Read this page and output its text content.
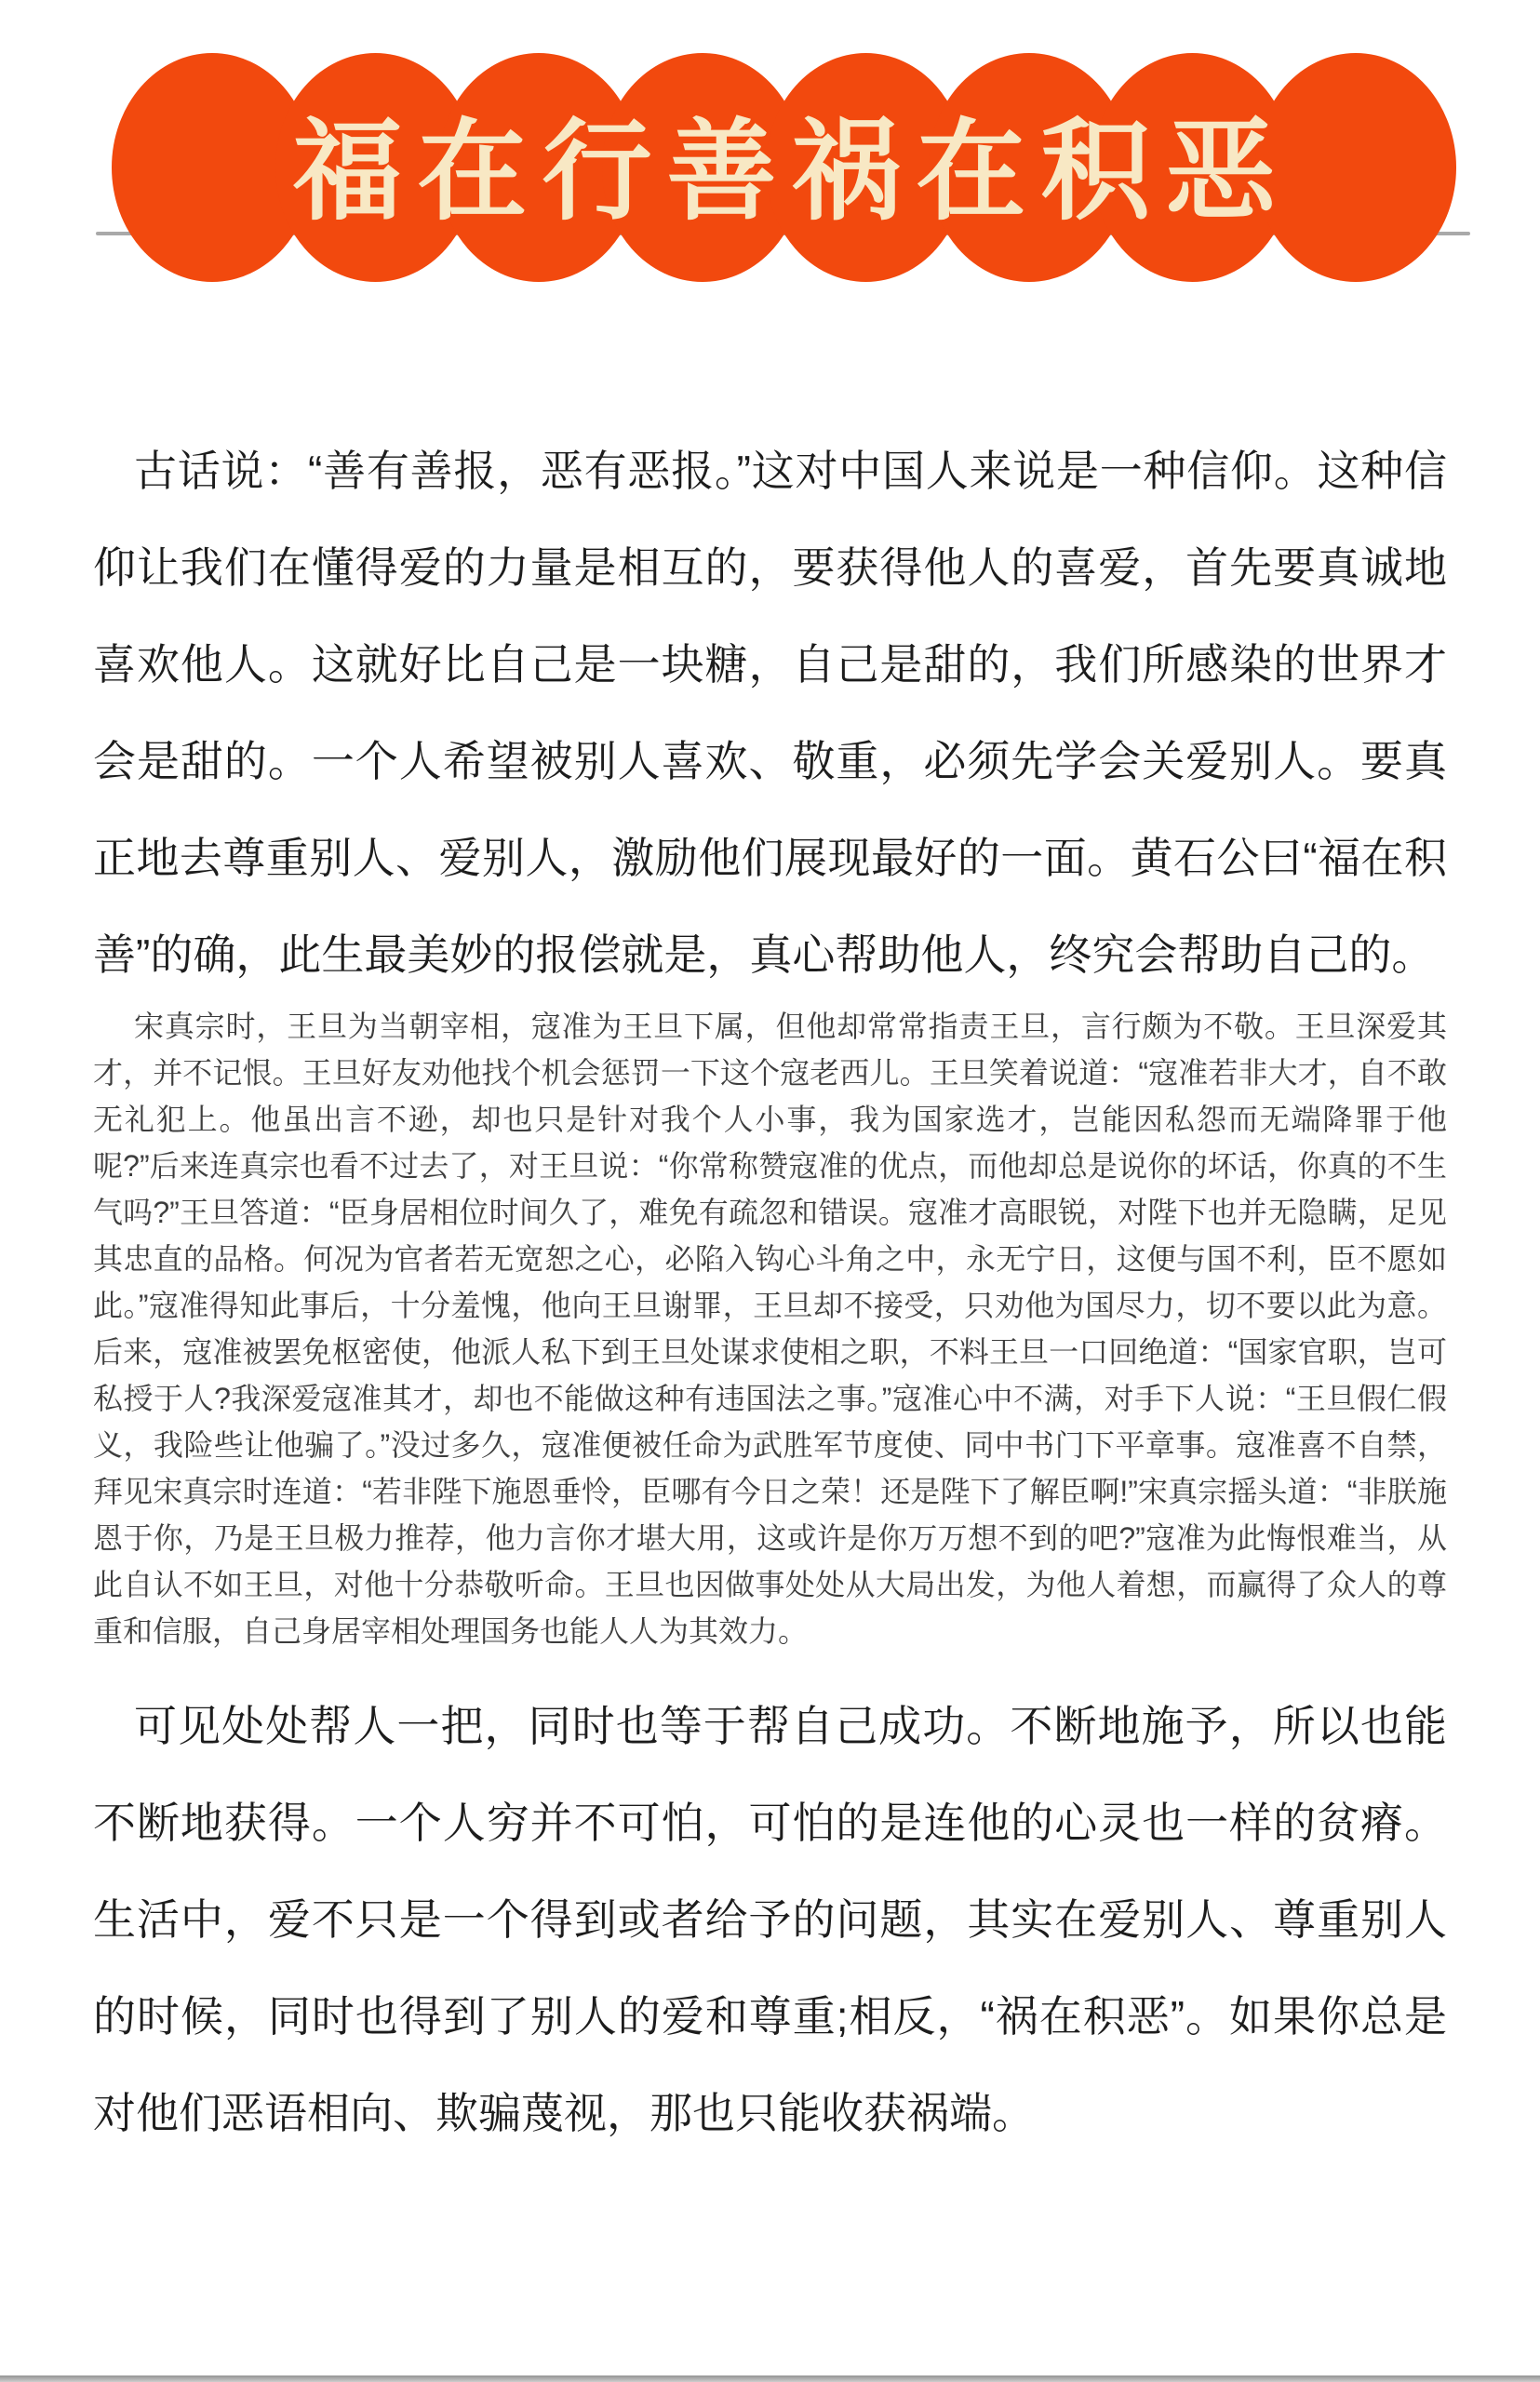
福在行善祸在积恶

古话说：“善有善报，恶有恶报。”这对中国人来说是一种信仰。这种信仰让我们在懂得爱的力量是相互的，要获得他人的喜爱，首先要真诚地喜欢他人。这就好比自己是一块糖，自己是甜的，我们所感染的世界才会是甜的。一个人希望被别人喜欢、敬重，必须先学会关爱别人。要真正地去尊重别人、爱别人，激励他们展现最好的一面。黄石公曰“福在积善”的确，此生最美妙的报偿就是，真心帮助他人，终究会帮助自己的。

宋真宗时，王旦为当朝宰相，寇准为王旦下属，但他却常常指责王旦，言行颇为不敬。王旦深爱其才，并不记恨。王旦好友劝他找个机会惩罚一下这个寇老西儿。王旦笑着说道：“寇准若非大才，自不敢无礼犯上。他虽出言不逊，却也只是针对我个人小事，我为国家选才，岂能因私怨而无端降罪于他呢?”后来连真宗也看不过去了，对王旦说：“你常称赞寇准的优点，而他却总是说你的坏话，你真的不生气吗?”王旦答道：“臣身居相位时间久了，难免有疏忽和错误。寇准才高眼锐，对陛下也并无隐瞒，足见其忠直的品格。何况为官者若无宽恕之心，必陷入钩心斗角之中，永无宁日，这便与国不利，臣不愿如此。”寇准得知此事后，十分羞愧，他向王旦谢罪，王旦却不接受，只劝他为国尽力，切不要以此为意。后来，寇准被罢免枢密使，他派人私下到王旦处谋求使相之职，不料王旦一口回绝道：“国家官职，岂可私授于人?我深爱寇准其才，却也不能做这种有违国法之事。”寇准心中不满，对手下人说：“王旦假仁假义，我险些让他骗了。”没过多久，寇准便被任命为武胜军节度使、同中书门下平章事。寇准喜不自禁，拜见宋真宗时连道：“若非陛下施恩垂怜，臣哪有今日之荣！还是陛下了解臣啊!”宋真宗摇头道：“非朕施恩于你，乃是王旦极力推荐，他力言你才堪大用，这或许是你万万想不到的吧?”寇准为此悔恨难当，从此自认不如王旦，对他十分恭敬听命。王旦也因做事处处从大局出发，为他人着想，而赢得了众人的尊重和信服，自己身居宰相处理国务也能人人为其效力。

可见处处帮人一把，同时也等于帮自己成功。不断地施予，所以也能不断地获得。一个人穷并不可怕，可怕的是连他的心灵也一样的贫瘠。生活中，爱不只是一个得到或者给予的问题，其实在爱别人、尊重别人的时候，同时也得到了别人的爱和尊重;相反，“祸在积恶”。如果你总是对他们恶语相向、欺骗蔑视，那也只能收获祸端。
